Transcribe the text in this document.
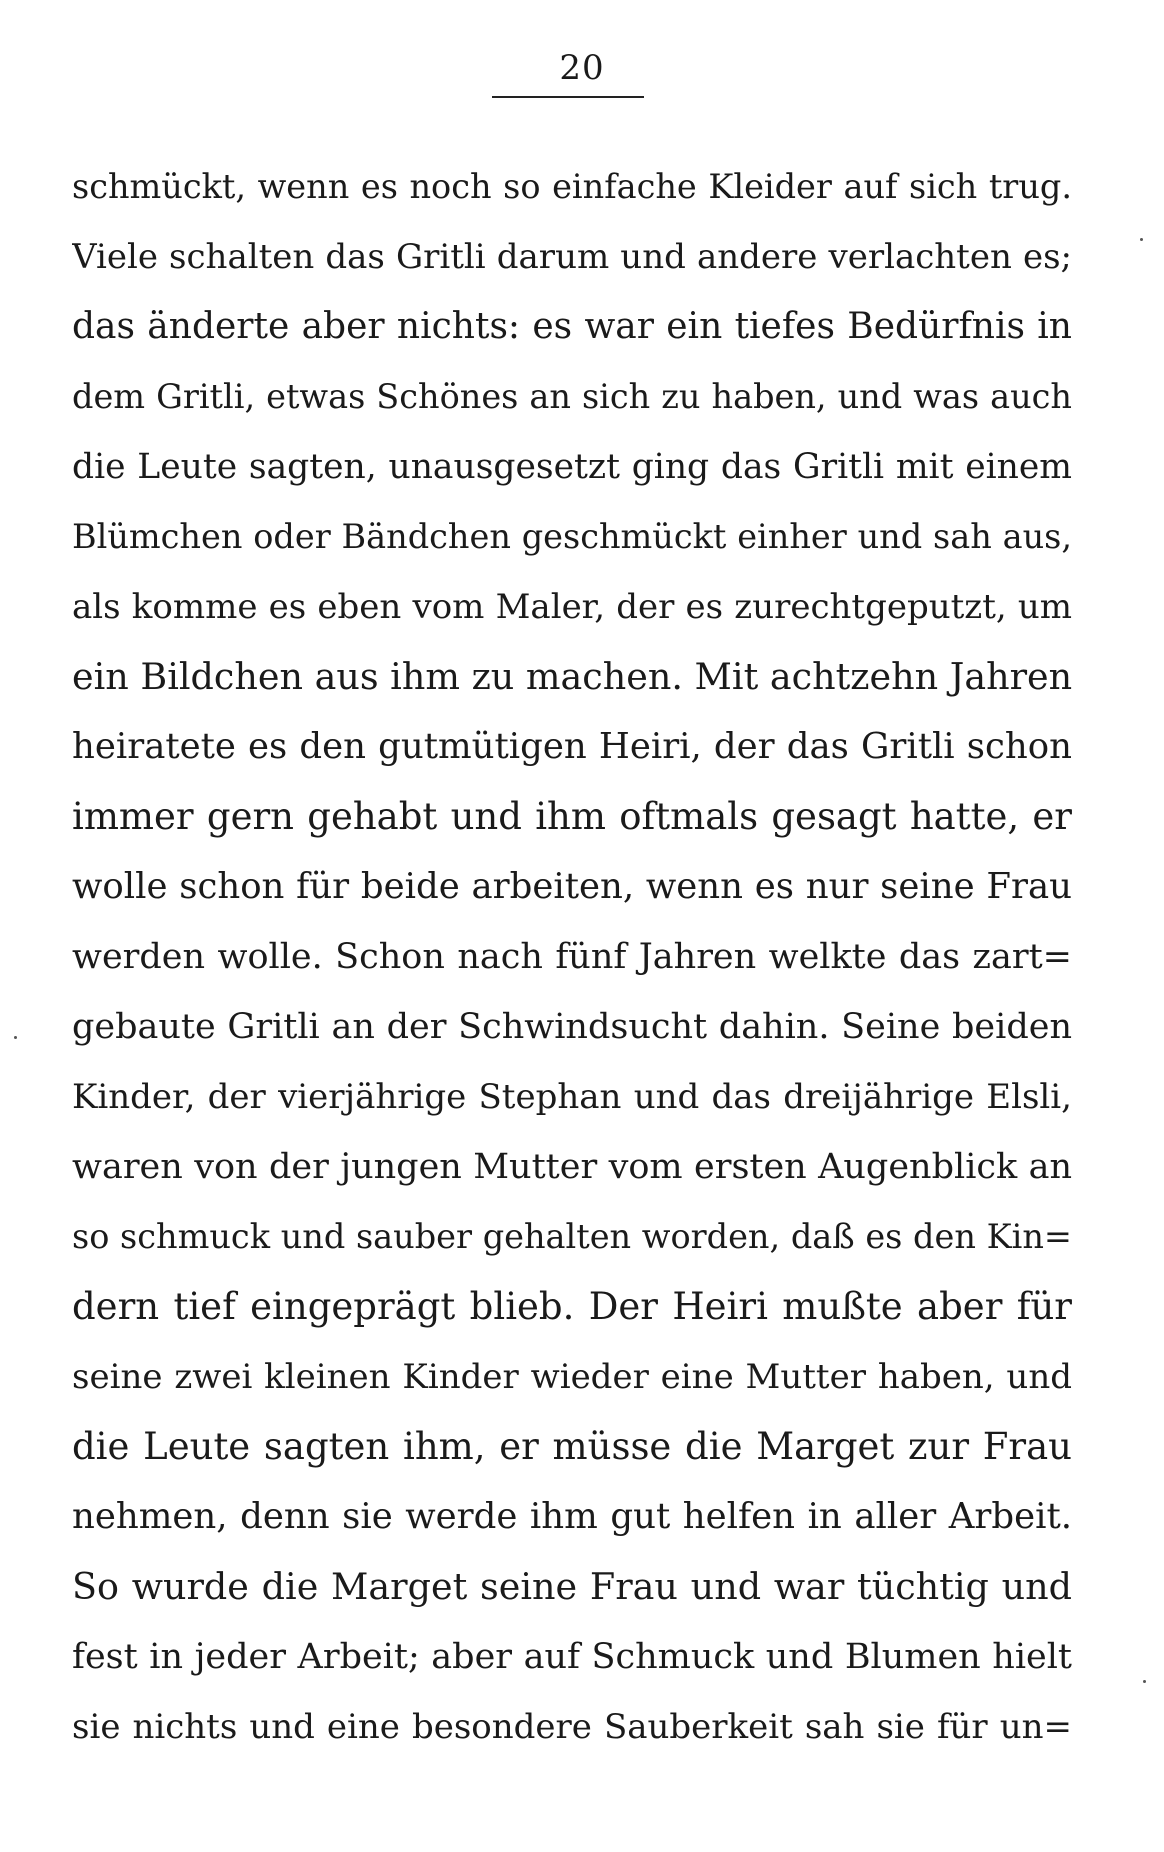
20
schmückt, wenn es noch so einfache Kleider auf sich trug.
Viele schalten das Gritli darum und andere verlachten es;
das änderte aber nichts: es war ein tiefes Bedürfnis in
dem Gritli, etwas Schönes an sich zu haben, und was auch
die Leute sagten, unausgesetzt ging das Gritli mit einem
Blümchen oder Bändchen geschmückt einher und sah aus,
als komme es eben vom Maler, der es zurechtgeputzt, um
ein Bildchen aus ihm zu machen. Mit achtzehn Jahren
heiratete es den gutmütigen Heiri, der das Gritli schon
immer gern gehabt und ihm oftmals gesagt hatte, er
wolle schon für beide arbeiten, wenn es nur seine Frau
werden wolle. Schon nach fünf Jahren welkte das zart=
gebaute Gritli an der Schwindsucht dahin. Seine beiden
Kinder, der vierjährige Stephan und das dreijährige Elsli,
waren von der jungen Mutter vom ersten Augenblick an
so schmuck und sauber gehalten worden, daß es den Kin=
dern tief eingeprägt blieb. Der Heiri mußte aber für
seine zwei kleinen Kinder wieder eine Mutter haben, und
die Leute sagten ihm, er müsse die Marget zur Frau
nehmen, denn sie werde ihm gut helfen in aller Arbeit.
So wurde die Marget seine Frau und war tüchtig und
fest in jeder Arbeit; aber auf Schmuck und Blumen hielt
sie nichts und eine besondere Sauberkeit sah sie für un=
